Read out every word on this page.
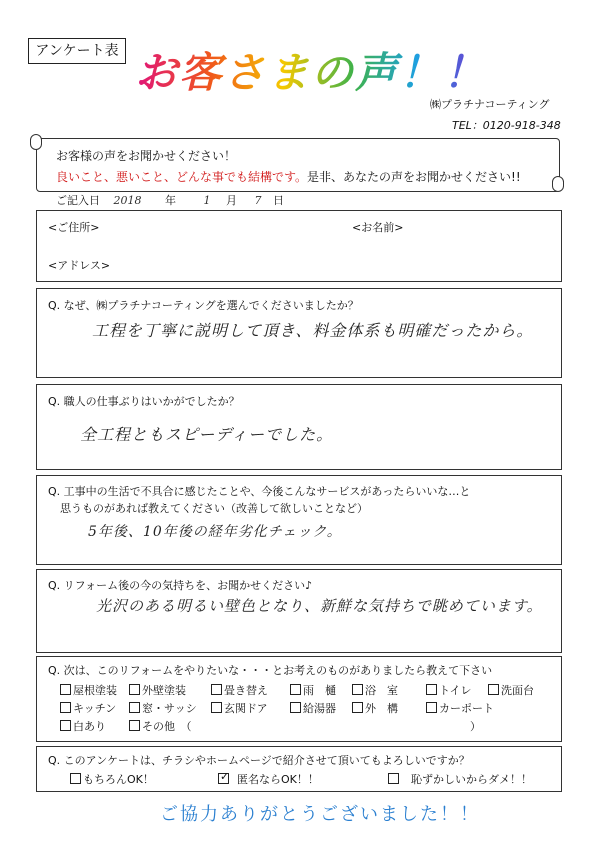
アンケート表 お客さまの声！！
㈱プラチナコーティング
TEL：0120-918-348
お客様の声をお聞かせください！
良いこと、悪いこと、どんな事でも結構です。是非、あなたの声をお聞かせください!!
ご記入日 2018 年	1 月 7 日
<ご住所>	<お名前>
<アドレス>
Q. なぜ、㈱プラチナコーティングを選んでくださいましたか？
工程を丁寧に説明して頂き、料金体系も明確だったから。
Q. 職人の仕事ぶりはいかがでしたか？
全工程ともスピーディーでした。
Q. 工事中の生活で不具合に感じたことや、今後こんなサービスがあったらいいな…と
思うものがあれば教えてください（改善して欲しいことなど）
5年後、10年後の経年劣化チェック。
Q. リフォーム後の今の気持ちを、お聞かせください♪
光沢のある明るい壁色となり、新鮮な気持ちで眺めています。
Q. 次は、このリフォームをやりたいな・・・とお考えのものがありましたら教えて下さい
屋根塗装	外壁塗装	畳き替え	雨　樋	浴　室	トイレ	洗面台
キッチン	窓・サッシ	玄関ドア	給湯器	外　構	カーポート
白あり	その他　（	）
Q. このアンケートは、チラシやホームページで紹介させて頂いてもよろしいですか？
もちろんOK！	✓ 匿名ならOK！！	恥ずかしいからダメ！！
ご協力ありがとうございました！！
